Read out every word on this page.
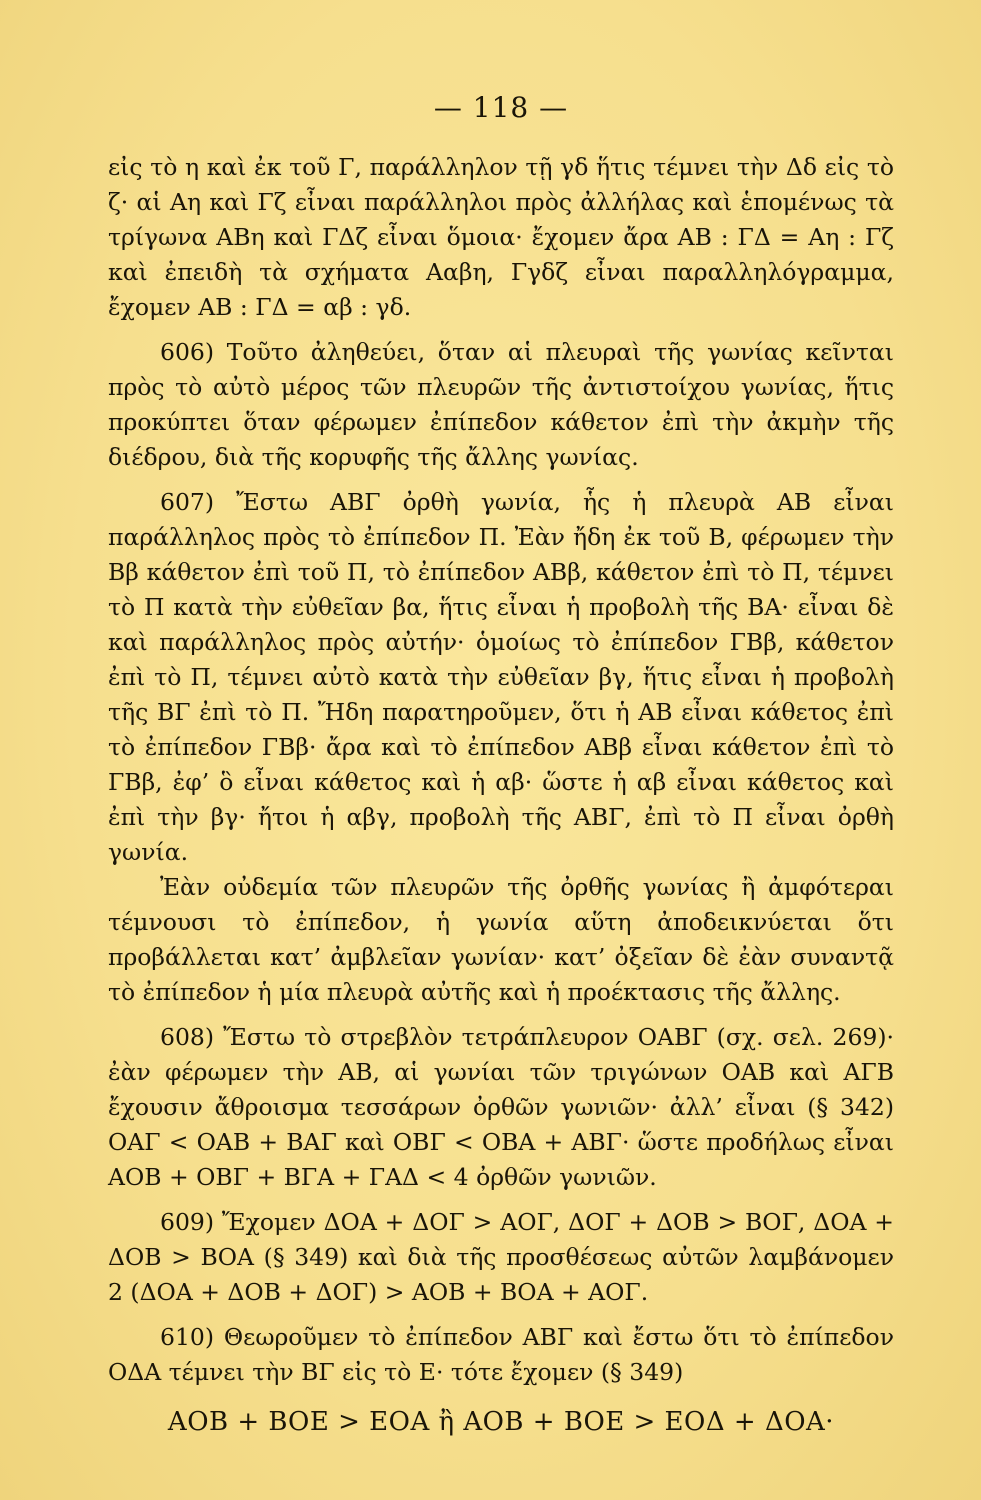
— 118 —

εἰς τὸ η καὶ ἐκ τοῦ Γ, παράλληλον τῇ γδ ἥτις τέμνει τὴν Δδ εἰς τὸ ζ· αἱ Αη καὶ Γζ εἶναι παράλληλοι πρὸς ἀλλήλας καὶ ἑπομένως τὰ τρίγωνα ΑΒη καὶ ΓΔζ εἶναι ὅμοια· ἔχομεν ἄρα ΑΒ : ΓΔ = Αη : Γζ καὶ ἐπειδὴ τὰ σχήματα Ααβη, Γγδζ εἶναι παραλληλόγραμμα, ἔχομεν ΑΒ : ΓΔ = αβ : γδ.

606) Τοῦτο ἀληθεύει, ὅταν αἱ πλευραὶ τῆς γωνίας κεῖνται πρὸς τὸ αὐτὸ μέρος τῶν πλευρῶν τῆς ἀντιστοίχου γωνίας, ἥτις προκύπτει ὅταν φέρωμεν ἐπίπεδον κάθετον ἐπὶ τὴν ἀκμὴν τῆς διέδρου, διὰ τῆς κορυφῆς τῆς ἄλλης γωνίας.

607) Ἔστω ΑΒΓ ὀρθὴ γωνία, ἧς ἡ πλευρὰ ΑΒ εἶναι παράλληλος πρὸς τὸ ἐπίπεδον Π. Ἐὰν ἤδη ἐκ τοῦ Β, φέρωμεν τὴν Ββ κάθετον ἐπὶ τοῦ Π, τὸ ἐπίπεδον ΑΒβ, κάθετον ἐπὶ τὸ Π, τέμνει τὸ Π κατὰ τὴν εὐθεῖαν βα, ἥτις εἶναι ἡ προβολὴ τῆς ΒΑ· εἶναι δὲ καὶ παράλληλος πρὸς αὐτήν· ὁμοίως τὸ ἐπίπεδον ΓΒβ, κάθετον ἐπὶ τὸ Π, τέμνει αὐτὸ κατὰ τὴν εὐθεῖαν βγ, ἥτις εἶναι ἡ προβολὴ τῆς ΒΓ ἐπὶ τὸ Π. Ἤδη παρατηροῦμεν, ὅτι ἡ ΑΒ εἶναι κάθετος ἐπὶ τὸ ἐπίπεδον ΓΒβ· ἄρα καὶ τὸ ἐπίπεδον ΑΒβ εἶναι κάθετον ἐπὶ τὸ ΓΒβ, ἐφ’ ὃ εἶναι κάθετος καὶ ἡ αβ· ὥστε ἡ αβ εἶναι κάθετος καὶ ἐπὶ τὴν βγ· ἤτοι ἡ αβγ, προβολὴ τῆς ΑΒΓ, ἐπὶ τὸ Π εἶναι ὀρθὴ γωνία.

Ἐὰν οὐδεμία τῶν πλευρῶν τῆς ὀρθῆς γωνίας ἢ ἀμφότεραι τέμνουσι τὸ ἐπίπεδον, ἡ γωνία αὕτη ἀποδεικνύεται ὅτι προβάλλεται κατ’ ἀμβλεῖαν γωνίαν· κατ’ ὀξεῖαν δὲ ἐὰν συναντᾷ τὸ ἐπίπεδον ἡ μία πλευρὰ αὐτῆς καὶ ἡ προέκτασις τῆς ἄλλης.

608) Ἔστω τὸ στρεβλὸν τετράπλευρον ΟΑΒΓ (σχ. σελ. 269)· ἐὰν φέρωμεν τὴν ΑΒ, αἱ γωνίαι τῶν τριγώνων ΟΑΒ καὶ ΑΓΒ ἔχουσιν ἄθροισμα τεσσάρων ὀρθῶν γωνιῶν· ἀλλ’ εἶναι (§ 342) ΟΑΓ < ΟΑΒ + ΒΑΓ καὶ ΟΒΓ < ΟΒΑ + ΑΒΓ· ὥστε προδήλως εἶναι ΑΟΒ + ΟΒΓ + ΒΓΑ + ΓΑΔ < 4 ὀρθῶν γωνιῶν.

609) Ἔχομεν ΔΟΑ + ΔΟΓ > ΑΟΓ, ΔΟΓ + ΔΟΒ > ΒΟΓ, ΔΟΑ + ΔΟΒ > ΒΟΑ (§ 349) καὶ διὰ τῆς προσθέσεως αὐτῶν λαμβάνομεν 2 (ΔΟΑ + ΔΟΒ + ΔΟΓ) > ΑΟΒ + ΒΟΑ + ΑΟΓ.

610) Θεωροῦμεν τὸ ἐπίπεδον ΑΒΓ καὶ ἔστω ὅτι τὸ ἐπίπεδον ΟΔΑ τέμνει τὴν ΒΓ εἰς τὸ Ε· τότε ἔχομεν (§ 349)

ΑΟΒ + ΒΟΕ > ΕΟΑ ἢ ΑΟΒ + ΒΟΕ > ΕΟΔ + ΔΟΑ·
